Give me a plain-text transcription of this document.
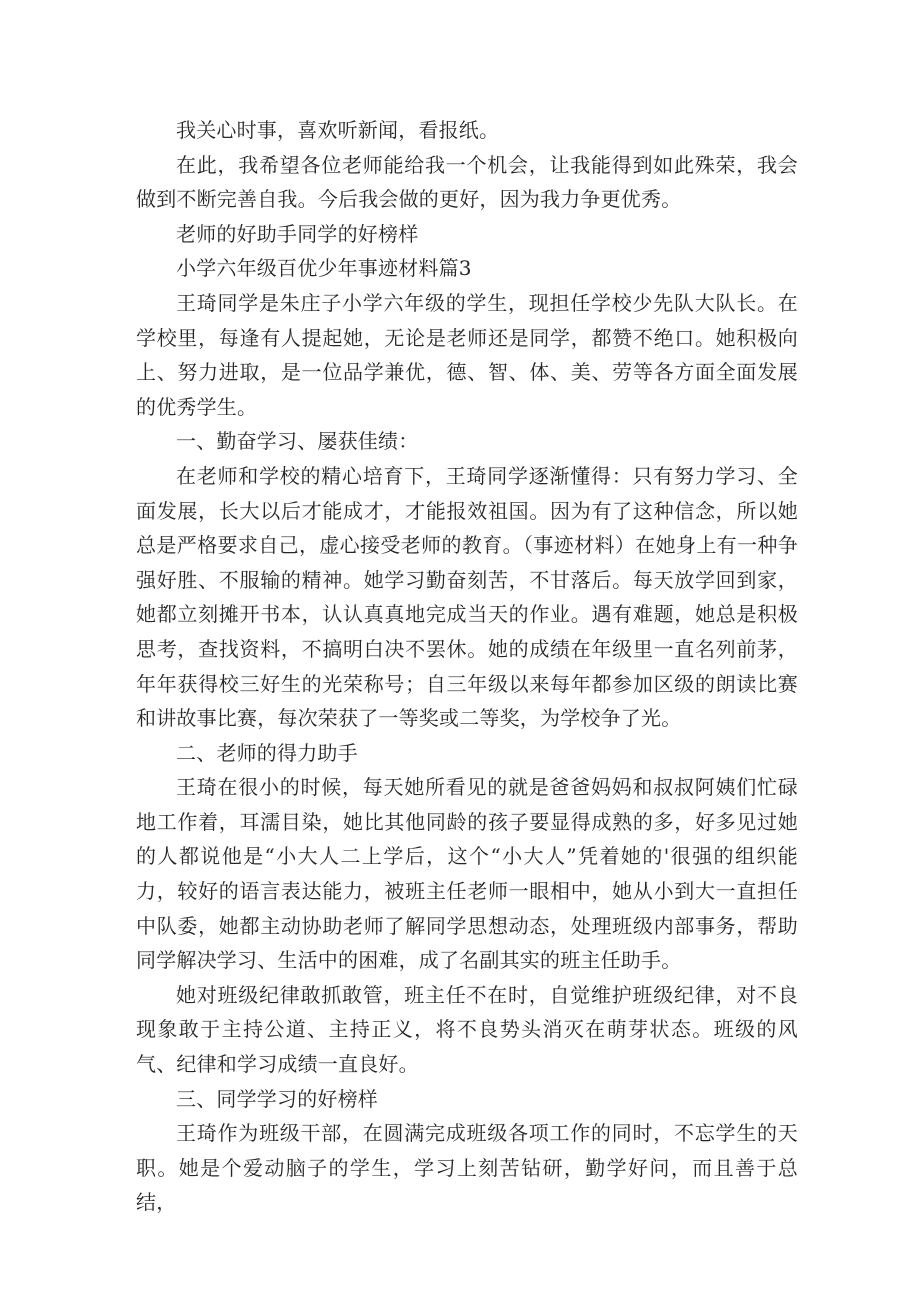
我关心时事，喜欢听新闻，看报纸。

在此，我希望各位老师能给我一个机会，让我能得到如此殊荣，我会做到不断完善自我。今后我会做的更好，因为我力争更优秀。

老师的好助手同学的好榜样

小学六年级百优少年事迹材料篇3

王琦同学是朱庄子小学六年级的学生，现担任学校少先队大队长。在学校里，每逢有人提起她，无论是老师还是同学，都赞不绝口。她积极向上、努力进取，是一位品学兼优，德、智、体、美、劳等各方面全面发展的优秀学生。

一、勤奋学习、屡获佳绩：

在老师和学校的精心培育下，王琦同学逐渐懂得：只有努力学习、全面发展，长大以后才能成才，才能报效祖国。因为有了这种信念，所以她总是严格要求自己，虚心接受老师的教育。（事迹材料）在她身上有一种争强好胜、不服输的精神。她学习勤奋刻苦，不甘落后。每天放学回到家，她都立刻摊开书本，认认真真地完成当天的作业。遇有难题，她总是积极思考，查找资料，不搞明白决不罢休。她的成绩在年级里一直名列前茅，年年获得校三好生的光荣称号；自三年级以来每年都参加区级的朗读比赛和讲故事比赛，每次荣获了一等奖或二等奖，为学校争了光。

二、老师的得力助手

王琦在很小的时候，每天她所看见的就是爸爸妈妈和叔叔阿姨们忙碌地工作着，耳濡目染，她比其他同龄的孩子要显得成熟的多，好多见过她的人都说他是“小大人二上学后，这个“小大人”凭着她的'很强的组织能力，较好的语言表达能力，被班主任老师一眼相中，她从小到大一直担任中队委，她都主动协助老师了解同学思想动态，处理班级内部事务，帮助同学解决学习、生活中的困难，成了名副其实的班主任助手。

她对班级纪律敢抓敢管，班主任不在时，自觉维护班级纪律，对不良现象敢于主持公道、主持正义，将不良势头消灭在萌芽状态。班级的风气、纪律和学习成绩一直良好。

三、同学学习的好榜样

王琦作为班级干部，在圆满完成班级各项工作的同时，不忘学生的天职。她是个爱动脑子的学生，学习上刻苦钻研，勤学好问，而且善于总结，
